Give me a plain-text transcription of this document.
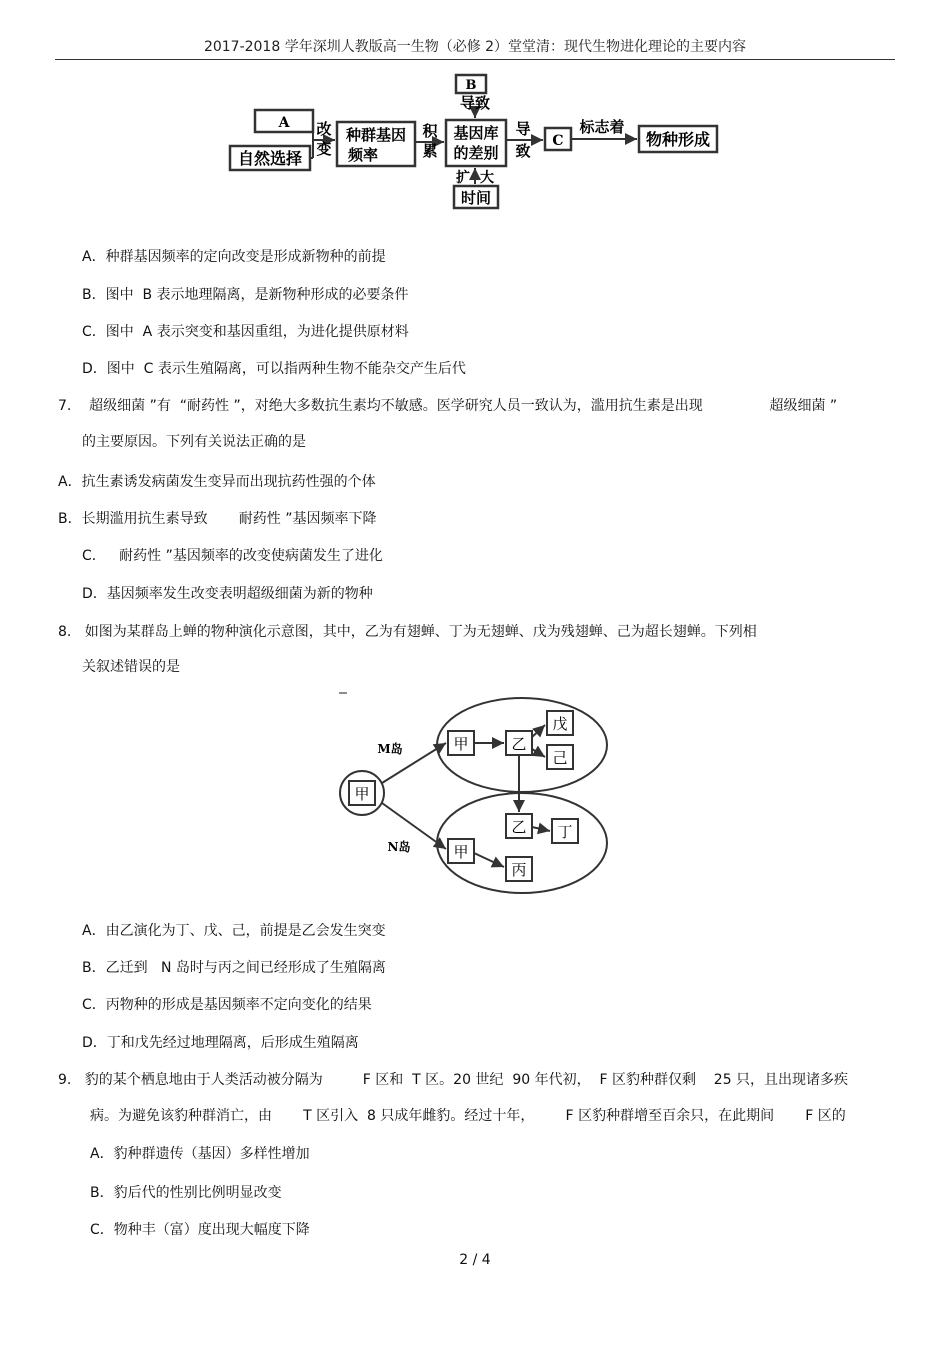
2017-2018 学年深圳人教版高一生物（必修 2）堂堂清：现代生物进化理论的主要内容
A
自然选择
改
变
种群基因
频率
积
累
B
导致
基因库
的差别
导
致
扩 大
时间
C
标志着
物种形成
A．种群基因频率的定向改变是形成新物种的前提
B．图中  B 表示地理隔离，是新物种形成的必要条件
C．图中  A 表示突变和基因重组，为进化提供原材料
D．图中  C 表示生殖隔离，可以指两种生物不能杂交产生后代
7.    超级细菌 ”有  “耐药性 ”，对绝大多数抗生素均不敏感。医学研究人员一致认为，滥用抗生素是出现               超级细菌 ”
的主要原因。下列有关说法正确的是
A．抗生素诱发病菌发生变异而出现抗药性强的个体
B．长期滥用抗生素导致       耐药性 ”基因频率下降
C．   耐药性 ”基因频率的改变使病菌发生了进化
D．基因频率发生改变表明超级细菌为新的物种
8.   如图为某群岛上蝉的物种演化示意图，其中，乙为有翅蝉、丁为无翅蝉、戊为残翅蝉、己为超长翅蝉。下列相
关叙述错误的是
M岛
N岛
甲
甲	乙
戊
己
乙 丁
甲
丙
A．由乙演化为丁、戊、己，前提是乙会发生突变
B．乙迁到   N 岛时与丙之间已经形成了生殖隔离
C．丙物种的形成是基因频率不定向变化的结果
D．丁和戊先经过地理隔离，后形成生殖隔离
9.   豹的某个栖息地由于人类活动被分隔为         F 区和  T 区。20 世纪  90 年代初，  F 区豹种群仅剩    25 只，且出现诸多疾
病。为避免该豹种群消亡，由       T 区引入  8 只成年雌豹。经过十年，       F 区豹种群增至百余只，在此期间       F 区的
A．豹种群遗传（基因）多样性增加
B．豹后代的性别比例明显改变
C．物种丰（富）度出现大幅度下降
2 / 4
